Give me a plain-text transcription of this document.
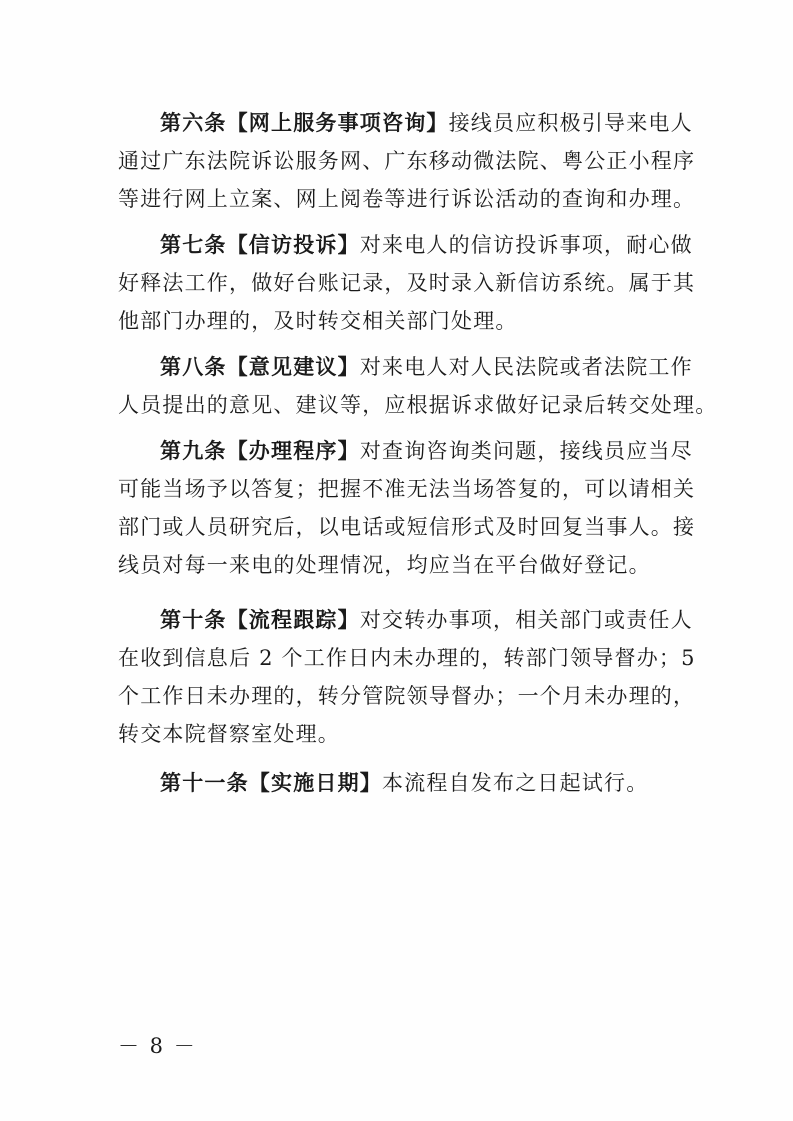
第六条【网上服务事项咨询】接线员应积极引导来电人
通过广东法院诉讼服务网、广东移动微法院、粤公正小程序
等进行网上立案、网上阅卷等进行诉讼活动的查询和办理。
第七条【信访投诉】对来电人的信访投诉事项，耐心做
好释法工作，做好台账记录，及时录入新信访系统。属于其
他部门办理的，及时转交相关部门处理。
第八条【意见建议】对来电人对人民法院或者法院工作
人员提出的意见、建议等，应根据诉求做好记录后转交处理。
第九条【办理程序】对查询咨询类问题，接线员应当尽
可能当场予以答复；把握不准无法当场答复的，可以请相关
部门或人员研究后，以电话或短信形式及时回复当事人。接
线员对每一来电的处理情况，均应当在平台做好登记。
第十条【流程跟踪】对交转办事项，相关部门或责任人
在收到信息后 2 个工作日内未办理的，转部门领导督办；5
个工作日未办理的，转分管院领导督办；一个月未办理的，
转交本院督察室处理。
第十一条【实施日期】本流程自发布之日起试行。
－ 8 －
